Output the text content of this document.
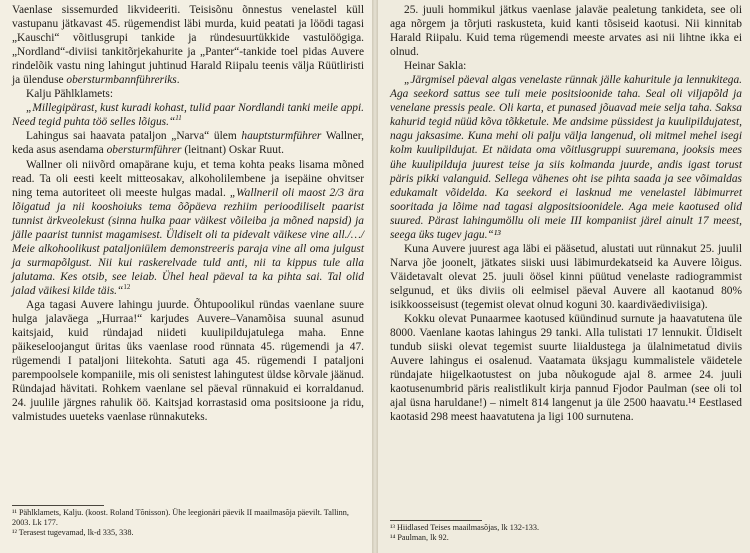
Vaenlase sissemurded likvideeriti. Teisisõnu õnnestus venelastel küll vastupanu jätkavast 45. rügemendist läbi murda, kuid peatati ja löödi tagasi „Kauschi“ võitlusgrupi tankide ja ründesuurtükkide vastulöögiga. „Nordland“-diviisi tankitõrjekahurite ja „Panter“-tankide toel pidas Auvere rindelõik vastu ning lahingut juhtinud Harald Riipalu teenis välja Rüütliristi ja ülenduse obersturmbannführeriks.

Kalju Pählklamets:

„Millegipärast, kust kuradi kohast, tulid paar Nordlandi tanki meile appi. Need tegid puhta töö selles lõigus.“$^{11}$

Lahingus sai haavata pataljon „Narva“ ülem hauptsturmführer Wallner, keda asus asendama obersturmführer (leitnant) Oskar Ruut.

Wallner oli niivõrd omapärane kuju, et tema kohta peaks lisama mõned read. Ta oli eesti keelt mitteosakav, alkoholilembene ja isepäine ohvitser ning tema autoriteet oli meeste hulgas madal. „Wallneril oli maost 2/3 ära lõigatud ja nii kooshoiuks tema õõpäeva rezhiim perioodiliselt paarist tunnist ärkveolekust (sinna hulka paar väikest võileiba ja mõned napsid) ja jälle paarist tunnist magamisest. Üldiselt oli ta pidevalt väikese vine all./…/ Meie alkohoolikust pataljoniülem demonstreeris paraja vine all oma julgust ja surmapõlgust. Nii kui raskerelvade tuld anti, nii ta kippus tule alla jalutama. Kes otsib, see leiab. Ühel heal päeval ta ka pihta sai. Tal olid jalad väikesi kilde täis.“$^{12}$

Aga tagasi Auvere lahingu juurde. Õhtupoolikul ründas vaenlane suure hulga jalaväega „Hurraa!“ karjudes Auvere–Vanamõisa suunal asunud kaitsjaid, kuid ründajad niideti kuulipildujatulega maha. Enne päikeseloojangut üritas üks vaenlase rood rünnata 45. rügemendi ja 47. rügemendi I pataljoni liitekohta. Satuti aga 45. rügemendi I pataljoni parempoolsele kompaniile, mis oli senistest lahingutest üldse kõrvale jäänud. Ründajad hävitati. Rohkem vaenlane sel päeval rünnakuid ei korraldanud. 24. juulile järgnes rahulik öö. Kaitsjad korrastasid oma positsioone ja ridu, valmistudes uueteks vaenlase rünnakuteks.

¹¹ Pählklamets, Kalju. (koost. Roland Tõnisson). Ühe leegionäri päevik II maailmasõja päevilt. Tallinn, 2003. Lk 177.

¹² Terasest tugevamad, lk-d 335, 338.

25. juuli hommikul jätkus vaenlase jalaväe pealetung tankideta, see oli aga nõrgem ja tõrjuti raskusteta, kuid kanti tõsiseid kaotusi. Nii kinnitab Harald Riipalu. Kuid tema rügemendi meeste arvates asi nii lihtne ikka ei olnud.

Heinar Sakla:

„Järgmisel päeval algas venelaste rünnak jälle kahuritule ja lennukitega. Aga seekord sattus see tuli meie positsioonide taha. Seal oli viljapõld ja venelane pressis peale. Oli karta, et punased jõuavad meie selja taha. Saksa kahurid tegid nüüd kõva tõkketule. Me andsime püssidest ja kuulipildujatest, nagu jaksasime. Kuna mehi oli palju välja langenud, oli mitmel mehel isegi kolm kuulipildujat. Et näidata oma võitlusgruppi suuremana, jooksis mees ühe kuulipilduja juurest teise ja siis kolmanda juurde, andis igast torust päris pikki valanguid. Sellega vähenes oht ise pihta saada ja see võimaldas edukamalt võidelda. Ka seekord ei lasknud me venelastel läbimurret sooritada ja lõime nad tagasi algpositsioonidele. Aga meie kaotused olid suured. Pärast lahingumöllu oli meie III kompaniist järel ainult 17 meest, seega üks tugev jagu.“¹³

Kuna Auvere juurest aga läbi ei pääsetud, alustati uut rünnakut 25. juulil Narva jõe joonelt, jätkates siiski uusi läbimurdekatseid ka Auvere lõigus. Väidetavalt olevat 25. juuli öösel kinni püütud venelaste radiogrammist selgunud, et üks diviis oli eelmisel päeval Auvere all kaotanud 80% isikkoosseisust (tegemist olevat olnud koguni 30. kaardiväediviisiga).

Kokku olevat Punaarmee kaotused küündinud surnute ja haavatutena üle 8000. Vaenlane kaotas lahingus 29 tanki. Alla tulistati 17 lennukit. Üldiselt tundub siiski olevat tegemist suurte liialdustega ja ülalnimetatud diviis Auvere lahingus ei osalenud. Vaatamata üksjagu kummalistele väidetele ründajate hiigelkaotustest on juba nõukogude ajal 8. armee 24. juuli kaotusenumbrid päris realistlikult kirja pannud Fjodor Paulman (see oli tol ajal üsna haruldane!) – nimelt 814 langenut ja üle 2500 haavatu.¹⁴ Eestlased kaotasid 298 meest haavatutena ja ligi 100 surnutena.

¹³ Hiidlased Teises maailmasõjas, lk 132-133.

¹⁴ Paulman, lk 92.
